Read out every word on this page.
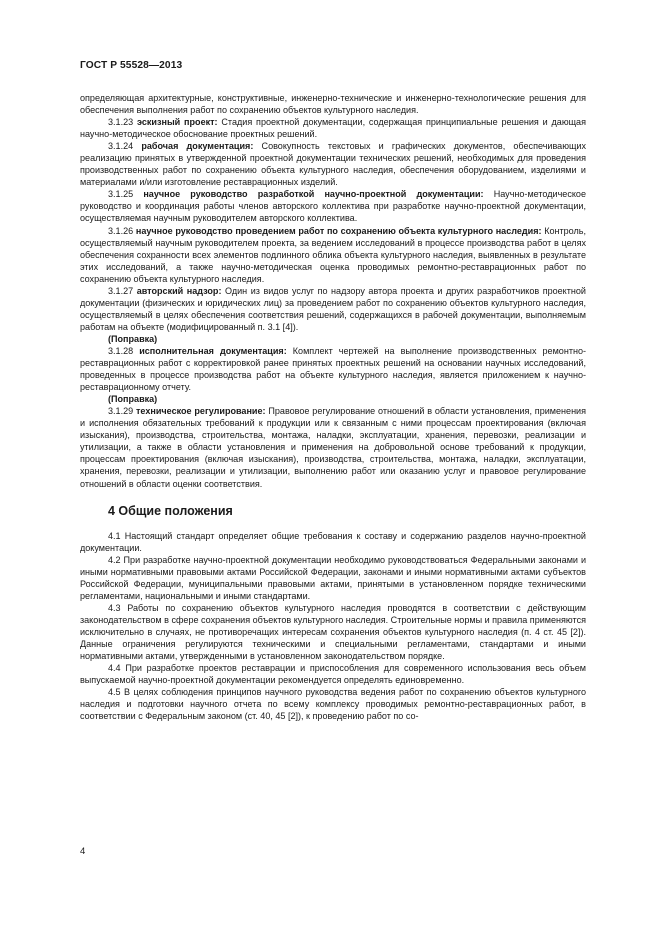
ГОСТ Р 55528—2013

определяющая архитектурные, конструктивные, инженерно-технические и инженерно-технологические решения для обеспечения выполнения работ по сохранению объектов культурного наследия.

3.1.23 эскизный проект: Стадия проектной документации, содержащая принципиальные решения и дающая научно-методическое обоснование проектных решений.

3.1.24 рабочая документация: Совокупность текстовых и графических документов, обеспечивающих реализацию принятых в утвержденной проектной документации технических решений, необходимых для проведения производственных работ по сохранению объекта культурного наследия, обеспечения оборудованием, изделиями и материалами и/или изготовление реставрационных изделий.

3.1.25 научное руководство разработкой научно-проектной документации: Научно-методическое руководство и координация работы членов авторского коллектива при разработке научно-проектной документации, осуществляемая научным руководителем авторского коллектива.

3.1.26 научное руководство проведением работ по сохранению объекта культурного наследия: Контроль, осуществляемый научным руководителем проекта, за ведением исследований в процессе производства работ в целях обеспечения сохранности всех элементов подлинного облика объекта культурного наследия, выявленных в результате этих исследований, а также научно-методическая оценка проводимых ремонтно-реставрационных работ по сохранению объекта культурного наследия.

3.1.27 авторский надзор: Один из видов услуг по надзору автора проекта и других разработчиков проектной документации (физических и юридических лиц) за проведением работ по сохранению объектов культурного наследия, осуществляемый в целях обеспечения соответствия решений, содержащихся в рабочей документации, выполняемым работам на объекте (модифицированный п. 3.1 [4]).

(Поправка)

3.1.28 исполнительная документация: Комплект чертежей на выполнение производственных ремонтно-реставрационных работ с корректировкой ранее принятых проектных решений на основании научных исследований, проведенных в процессе производства работ на объекте культурного наследия, является приложением к научно-реставрационному отчету.

(Поправка)

3.1.29 техническое регулирование: Правовое регулирование отношений в области установления, применения и исполнения обязательных требований к продукции или к связанным с ними процессам проектирования (включая изыскания), производства, строительства, монтажа, наладки, эксплуатации, хранения, перевозки, реализации и утилизации, а также в области установления и применения на добровольной основе требований к продукции, процессам проектирования (включая изыскания), производства, строительства, монтажа, наладки, эксплуатации, хранения, перевозки, реализации и утилизации, выполнению работ или оказанию услуг и правовое регулирование отношений в области оценки соответствия.

4 Общие положения

4.1 Настоящий стандарт определяет общие требования к составу и содержанию разделов научно-проектной документации.

4.2 При разработке научно-проектной документации необходимо руководствоваться Федеральными законами и иными нормативными правовыми актами Российской Федерации, законами и иными нормативными актами субъектов Российской Федерации, муниципальными правовыми актами, принятыми в установленном порядке техническими регламентами, национальными и иными стандартами.

4.3 Работы по сохранению объектов культурного наследия проводятся в соответствии с действующим законодательством в сфере сохранения объектов культурного наследия. Строительные нормы и правила применяются исключительно в случаях, не противоречащих интересам сохранения объектов культурного наследия (п. 4 ст. 45 [2]). Данные ограничения регулируются техническими и специальными регламентами, стандартами и иными нормативными актами, утвержденными в установленном законодательством порядке.

4.4 При разработке проектов реставрации и приспособления для современного использования весь объем выпускаемой научно-проектной документации рекомендуется определять единовременно.

4.5 В целях соблюдения принципов научного руководства ведения работ по сохранению объектов культурного наследия и подготовки научного отчета по всему комплексу проводимых ремонтно-реставрационных работ, в соответствии с Федеральным законом (ст. 40, 45 [2]), к проведению работ по со-

4
